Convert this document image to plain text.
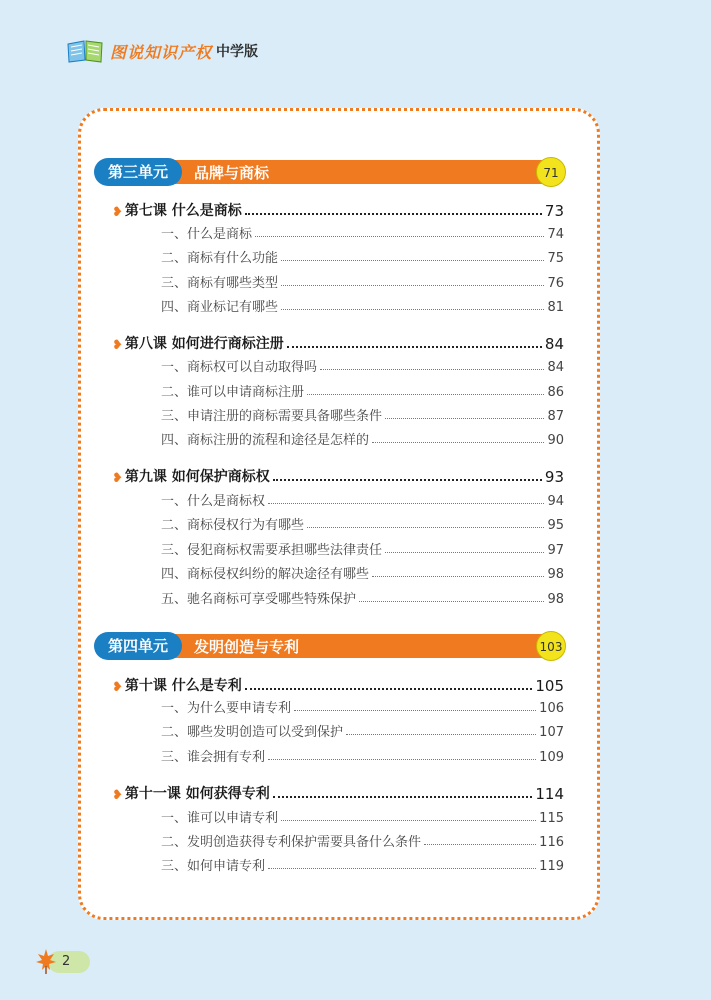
图说知识产权 中学版
第三单元	品牌与商标	71
❥ 第七课 什么是商标	73
一、什么是商标	74
二、商标有什么功能	75
三、商标有哪些类型	76
四、商业标记有哪些	81
❥ 第八课 如何进行商标注册	84
一、商标权可以自动取得吗	84
二、谁可以申请商标注册	86
三、申请注册的商标需要具备哪些条件	87
四、商标注册的流程和途径是怎样的	90
❥ 第九课 如何保护商标权	93
一、什么是商标权	94
二、商标侵权行为有哪些	95
三、侵犯商标权需要承担哪些法律责任	97
四、商标侵权纠纷的解决途径有哪些	98
五、驰名商标可享受哪些特殊保护	98
第四单元	发明创造与专利	103
❥ 第十课 什么是专利	105
一、为什么要申请专利	106
二、哪些发明创造可以受到保护	107
三、谁会拥有专利	109
❥ 第十一课 如何获得专利	114
一、谁可以申请专利	115
二、发明创造获得专利保护需要具备什么条件	116
三、如何申请专利	119
2
